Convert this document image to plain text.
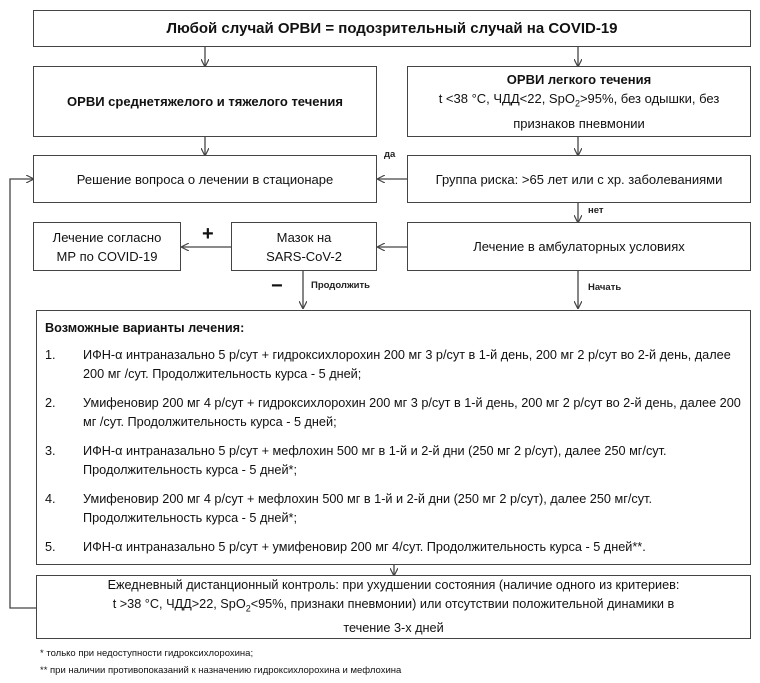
Любой случай ОРВИ = подозрительный случай на COVID-19
ОРВИ среднетяжелого и тяжелого течения
ОРВИ легкого течения
t <38 °C, ЧДД<22, SpO$_2$>95%, без одышки, без
признаков пневмонии
Решение вопроса о лечении в стационаре	Группа риска: >65 лет или с хр. заболеваниями
Лечение согласно
МР по COVID-19
Мазок на
SARS-CoV-2
Лечение в амбулаторных условиях
да
нет
Продолжить	Начать
+
−
Возможные варианты лечения:
1.	ИФН-α интраназально 5 р/сут + гидроксихлорохин 200 мг 3 р/сут в 1-й день, 200 мг 2 р/сут во 2-й день, далее 200 мг /сут. Продолжительность курса - 5 дней;
2.	Умифеновир 200 мг 4 р/сут + гидроксихлорохин 200 мг 3 р/сут в 1-й день, 200 мг 2 р/сут во 2-й день, далее 200 мг /сут. Продолжительность курса - 5 дней;
3.	ИФН-α интраназально 5 р/сут + мефлохин 500 мг в 1-й и 2-й дни (250 мг 2 р/сут), далее 250 мг/сут. Продолжительность курса - 5 дней*;
4.	Умифеновир 200 мг 4 р/сут + мефлохин 500 мг в 1-й и 2-й дни (250 мг 2 р/сут), далее 250 мг/сут. Продолжительность курса - 5 дней*;
5.	ИФН-α интраназально 5 р/сут + умифеновир 200 мг 4/сут. Продолжительность курса - 5 дней**.
Ежедневный дистанционный контроль: при ухудшении состояния (наличие одного из критериев:
t >38 °C, ЧДД>22, SpO$_2$<95%, признаки пневмонии) или отсутствии положительной динамики в
течение 3-х дней
* только при недоступности гидроксихлорохина;
** при наличии противопоказаний к назначению гидроксихлорохина и мефлохина
